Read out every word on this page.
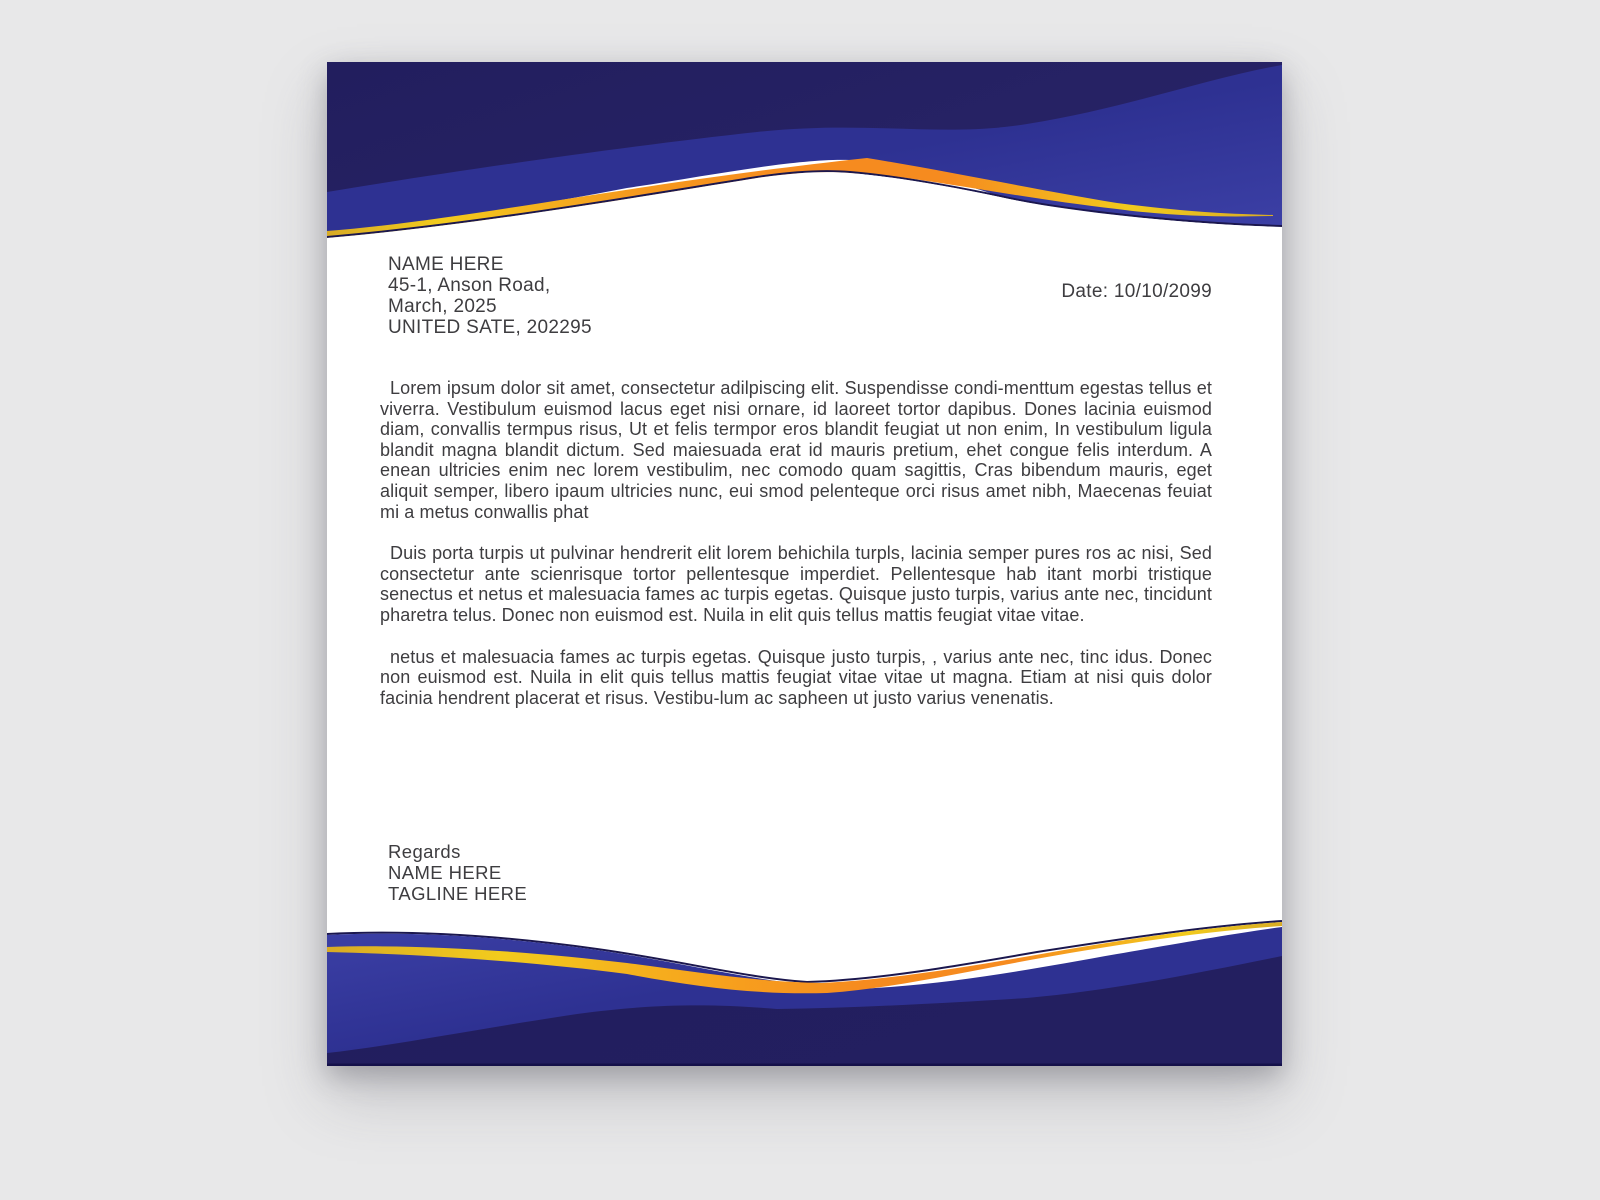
NAME HERE
45-1, Anson Road,
March, 2025
UNITED SATE, 202295
Date: 10/10/2099

Lorem ipsum dolor sit amet, consectetur adilpiscing elit. Suspendisse condi-menttum egestas tellus et viverra. Vestibulum euismod lacus eget nisi ornare, id laoreet tortor dapibus. Dones lacinia euismod diam, convallis termpus risus, Ut et felis termpor eros blandit feugiat ut non enim, In vestibulum ligula blandit magna blandit dictum. Sed maiesuada erat id mauris pretium, ehet congue felis interdum. A enean ultricies enim nec lorem vestibulim, nec comodo quam sagittis, Cras bibendum mauris, eget aliquit semper, libero ipaum ultricies nunc, eui smod pelenteque orci risus amet nibh, Maecenas feuiat mi a metus conwallis phat

Duis porta turpis ut pulvinar hendrerit elit lorem behichila turpls, lacinia semper pures ros ac nisi, Sed consectetur ante scienrisque tortor pellentesque imperdiet. Pellentesque hab itant morbi tristique senectus et netus et malesuacia fames ac turpis egetas. Quisque justo turpis, varius ante nec, tincidunt pharetra telus. Donec non euismod est. Nuila in elit quis tellus mattis feugiat vitae vitae.

netus et malesuacia fames ac turpis egetas. Quisque justo turpis, , varius ante nec, tinc idus. Donec non euismod est. Nuila in elit quis tellus mattis feugiat vitae vitae ut magna. Etiam at nisi quis dolor facinia hendrent placerat et risus. Vestibu-lum ac sapheen ut justo varius venenatis.

Regards
NAME HERE
TAGLINE HERE
